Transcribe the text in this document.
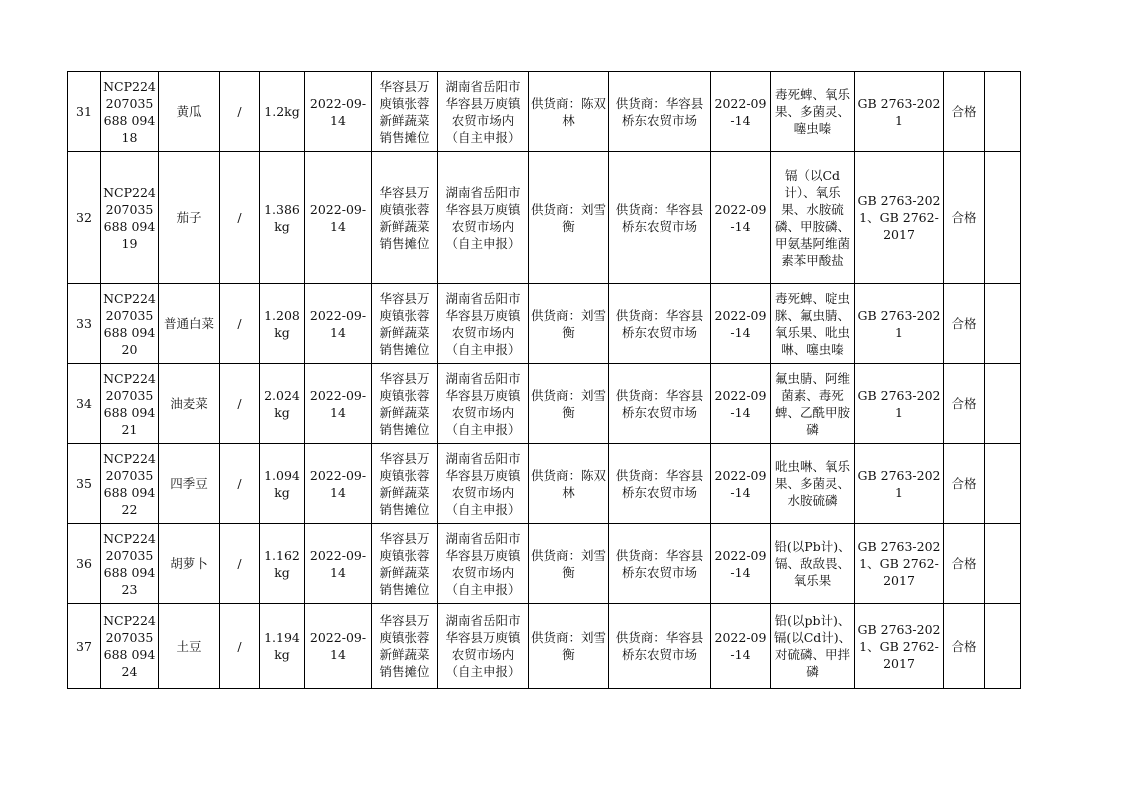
31	NCP224207035688 09418	黄瓜	/	1.2kg	2022-09-14	华容县万庾镇张蓉新鲜蔬菜销售摊位	湖南省岳阳市华容县万庾镇农贸市场内（自主申报）	供货商：陈双林	供货商：华容县桥东农贸市场	2022-09-14	毒死蜱、氧乐果、多菌灵、噻虫嗪	GB 2763-2021	合格	
32	NCP224207035688 09419	茄子	/	1.386kg	2022-09-14	华容县万庾镇张蓉新鲜蔬菜销售摊位	湖南省岳阳市华容县万庾镇农贸市场内（自主申报）	供货商：刘雪衡	供货商：华容县桥东农贸市场	2022-09-14	镉（以Cd计）、氧乐果、水胺硫磷、甲胺磷、甲氨基阿维菌素苯甲酸盐	GB 2763-2021、GB 2762-2017	合格	
33	NCP224207035688 09420	普通白菜	/	1.208kg	2022-09-14	华容县万庾镇张蓉新鲜蔬菜销售摊位	湖南省岳阳市华容县万庾镇农贸市场内（自主申报）	供货商：刘雪衡	供货商：华容县桥东农贸市场	2022-09-14	毒死蜱、啶虫脒、氟虫腈、氧乐果、吡虫啉、噻虫嗪	GB 2763-2021	合格	
34	NCP224207035688 09421	油麦菜	/	2.024kg	2022-09-14	华容县万庾镇张蓉新鲜蔬菜销售摊位	湖南省岳阳市华容县万庾镇农贸市场内（自主申报）	供货商：刘雪衡	供货商：华容县桥东农贸市场	2022-09-14	氟虫腈、阿维菌素、毒死蜱、乙酰甲胺磷	GB 2763-2021	合格	
35	NCP224207035688 09422	四季豆	/	1.094kg	2022-09-14	华容县万庾镇张蓉新鲜蔬菜销售摊位	湖南省岳阳市华容县万庾镇农贸市场内（自主申报）	供货商：陈双林	供货商：华容县桥东农贸市场	2022-09-14	吡虫啉、氧乐果、多菌灵、水胺硫磷	GB 2763-2021	合格	
36	NCP224207035688 09423	胡萝卜	/	1.162kg	2022-09-14	华容县万庾镇张蓉新鲜蔬菜销售摊位	湖南省岳阳市华容县万庾镇农贸市场内（自主申报）	供货商：刘雪衡	供货商：华容县桥东农贸市场	2022-09-14	铅(以Pb计)、镉、敌敌畏、氧乐果	GB 2763-2021、GB 2762-2017	合格	
37	NCP224207035688 09424	土豆	/	1.194kg	2022-09-14	华容县万庾镇张蓉新鲜蔬菜销售摊位	湖南省岳阳市华容县万庾镇农贸市场内（自主申报）	供货商：刘雪衡	供货商：华容县桥东农贸市场	2022-09-14	铅(以pb计)、镉(以Cd计)、对硫磷、甲拌磷	GB 2763-2021、GB 2762-2017	合格	
